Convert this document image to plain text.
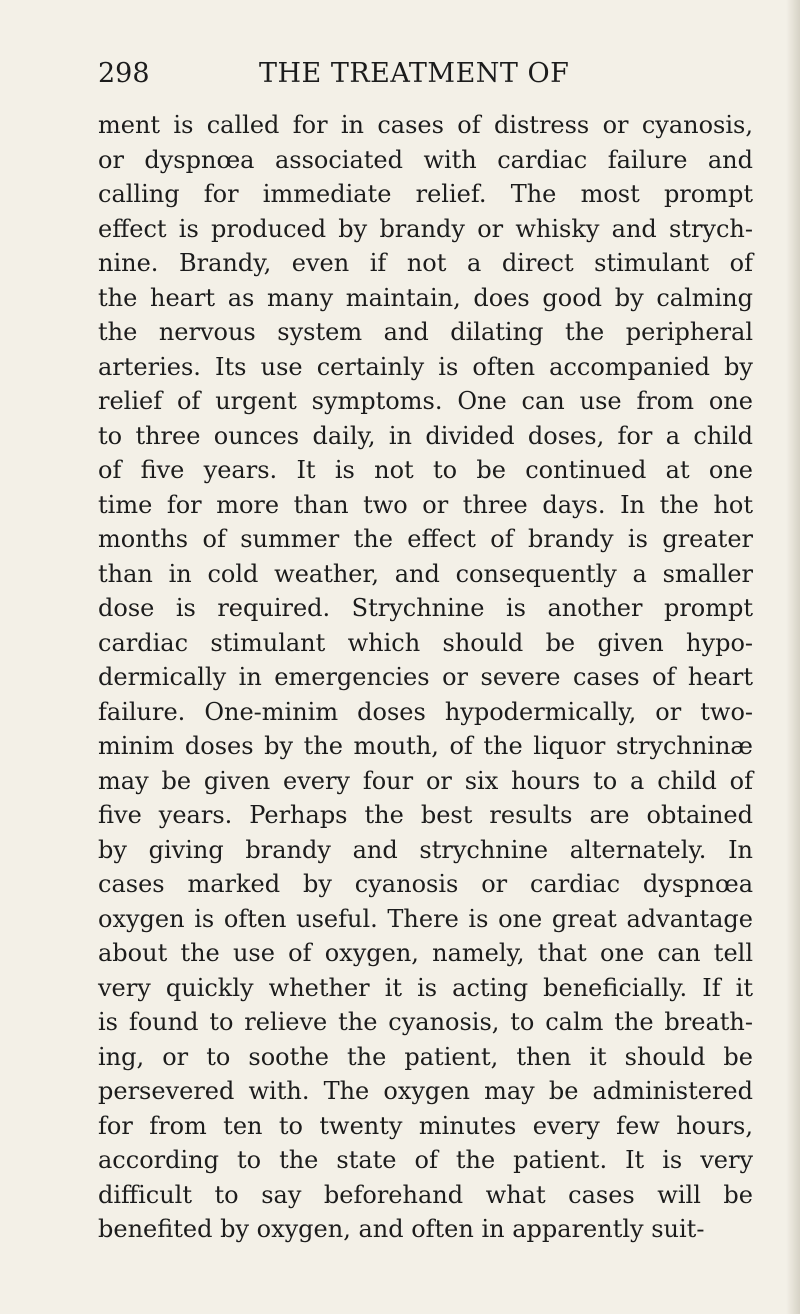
298	THE TREATMENT OF
ment is called for in cases of distress or cyanosis,
or dyspnœa associated with cardiac failure and
calling for immediate relief. The most prompt
effect is produced by brandy or whisky and strych-
nine. Brandy, even if not a direct stimulant of
the heart as many maintain, does good by calming
the nervous system and dilating the peripheral
arteries. Its use certainly is often accompanied by
relief of urgent symptoms. One can use from one
to three ounces daily, in divided doses, for a child
of five years. It is not to be continued at one
time for more than two or three days. In the hot
months of summer the effect of brandy is greater
than in cold weather, and consequently a smaller
dose is required. Strychnine is another prompt
cardiac stimulant which should be given hypo-
dermically in emergencies or severe cases of heart
failure. One-minim doses hypodermically, or two-
minim doses by the mouth, of the liquor strychninæ
may be given every four or six hours to a child of
five years. Perhaps the best results are obtained
by giving brandy and strychnine alternately. In
cases marked by cyanosis or cardiac dyspnœa
oxygen is often useful. There is one great advantage
about the use of oxygen, namely, that one can tell
very quickly whether it is acting beneficially. If it
is found to relieve the cyanosis, to calm the breath-
ing, or to soothe the patient, then it should be
persevered with. The oxygen may be administered
for from ten to twenty minutes every few hours,
according to the state of the patient. It is very
difficult to say beforehand what cases will be
benefited by oxygen, and often in apparently suit-
